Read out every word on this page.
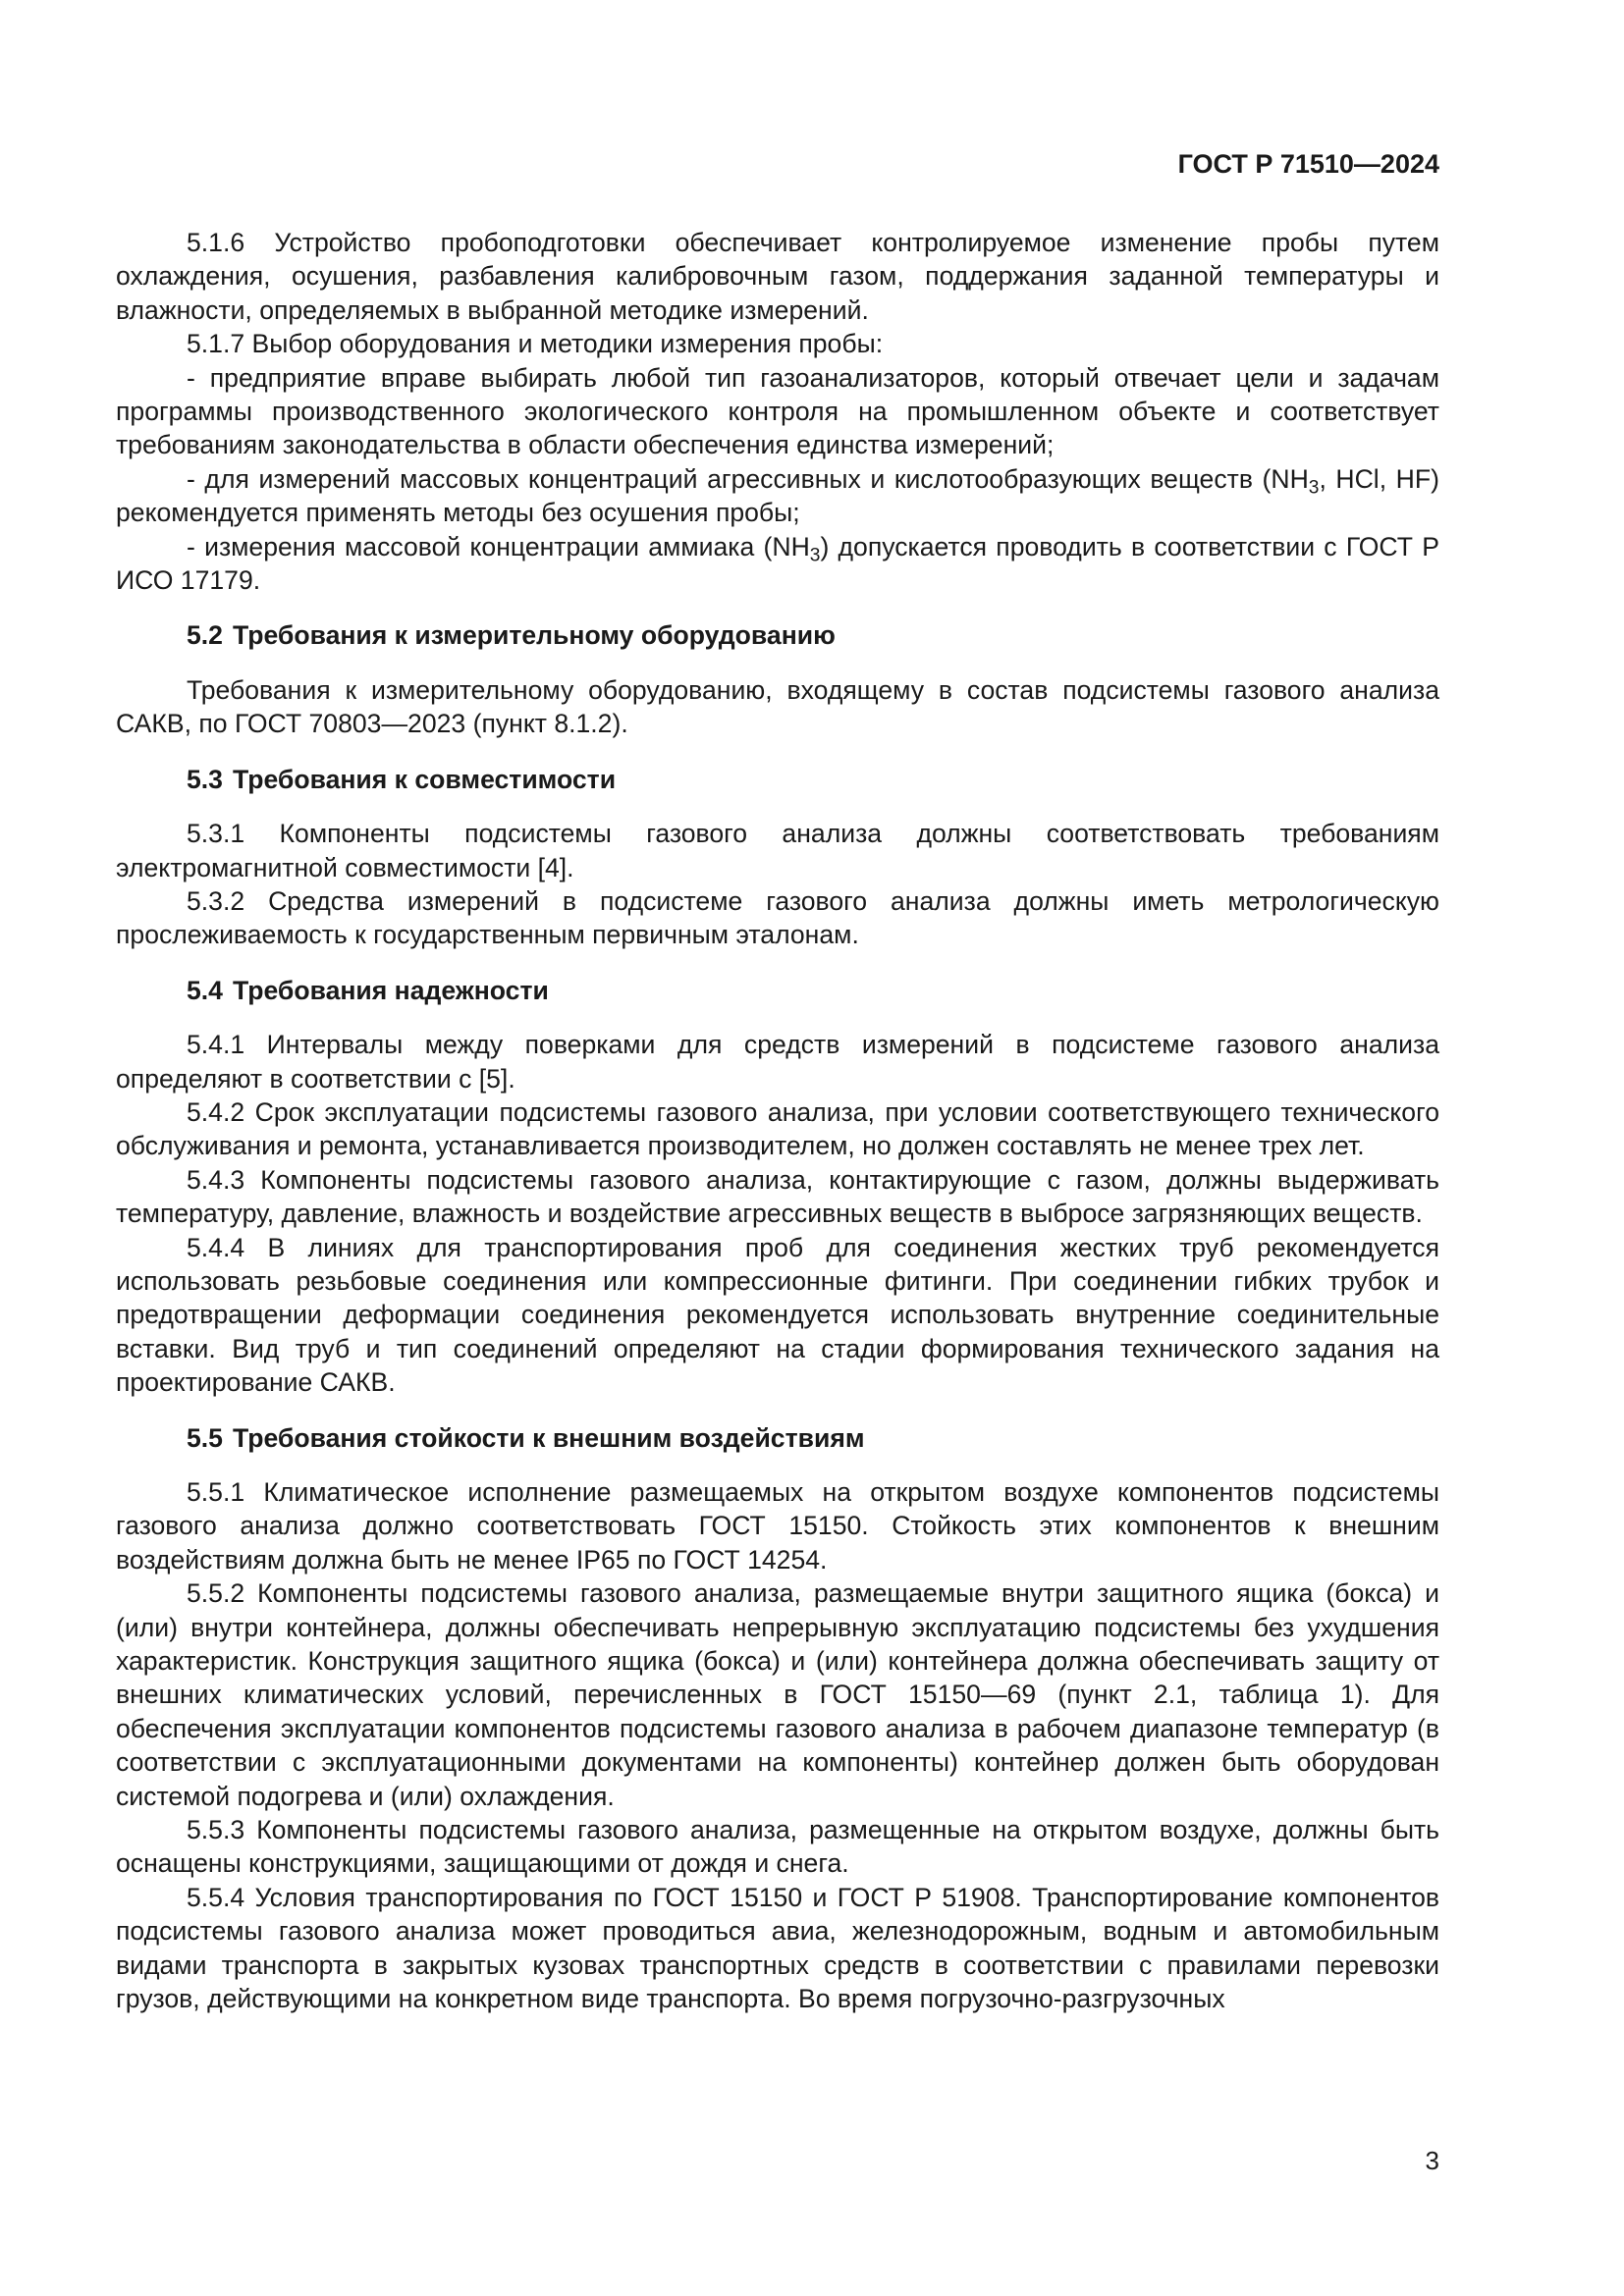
ГОСТ Р 71510—2024

5.1.6 Устройство пробоподготовки обеспечивает контролируемое изменение пробы путем охлаждения, осушения, разбавления калибровочным газом, поддержания заданной температуры и влажности, определяемых в выбранной методике измерений.

5.1.7 Выбор оборудования и методики измерения пробы:

- предприятие вправе выбирать любой тип газоанализаторов, который отвечает цели и задачам программы производственного экологического контроля на промышленном объекте и соответствует требованиям законодательства в области обеспечения единства измерений;

- для измерений массовых концентраций агрессивных и кислотообразующих веществ ($NH_3$, HCl, HF) рекомендуется применять методы без осушения пробы;

- измерения массовой концентрации аммиака $(NH_3)$ допускается проводить в соответствии с ГОСТ Р ИСО 17179.

5.2 Требования к измерительному оборудованию

Требования к измерительному оборудованию, входящему в состав подсистемы газового анализа САКВ, по ГОСТ 70803—2023 (пункт 8.1.2).

5.3 Требования к совместимости

5.3.1 Компоненты подсистемы газового анализа должны соответствовать требованиям электромагнитной совместимости [4].

5.3.2 Средства измерений в подсистеме газового анализа должны иметь метрологическую прослеживаемость к государственным первичным эталонам.

5.4 Требования надежности

5.4.1 Интервалы между поверками для средств измерений в подсистеме газового анализа определяют в соответствии с [5].

5.4.2 Срок эксплуатации подсистемы газового анализа, при условии соответствующего технического обслуживания и ремонта, устанавливается производителем, но должен составлять не менее трех лет.

5.4.3 Компоненты подсистемы газового анализа, контактирующие с газом, должны выдерживать температуру, давление, влажность и воздействие агрессивных веществ в выбросе загрязняющих веществ.

5.4.4 В линиях для транспортирования проб для соединения жестких труб рекомендуется использовать резьбовые соединения или компрессионные фитинги. При соединении гибких трубок и предотвращении деформации соединения рекомендуется использовать внутренние соединительные вставки. Вид труб и тип соединений определяют на стадии формирования технического задания на проектирование САКВ.

5.5 Требования стойкости к внешним воздействиям

5.5.1 Климатическое исполнение размещаемых на открытом воздухе компонентов подсистемы газового анализа должно соответствовать ГОСТ 15150. Стойкость этих компонентов к внешним воздействиям должна быть не менее IP65 по ГОСТ 14254.

5.5.2 Компоненты подсистемы газового анализа, размещаемые внутри защитного ящика (бокса) и (или) внутри контейнера, должны обеспечивать непрерывную эксплуатацию подсистемы без ухудшения характеристик. Конструкция защитного ящика (бокса) и (или) контейнера должна обеспечивать защиту от внешних климатических условий, перечисленных в ГОСТ 15150—69 (пункт 2.1, таблица 1). Для обеспечения эксплуатации компонентов подсистемы газового анализа в рабочем диапазоне температур (в соответствии с эксплуатационными документами на компоненты) контейнер должен быть оборудован системой подогрева и (или) охлаждения.

5.5.3 Компоненты подсистемы газового анализа, размещенные на открытом воздухе, должны быть оснащены конструкциями, защищающими от дождя и снега.

5.5.4 Условия транспортирования по ГОСТ 15150 и ГОСТ Р 51908. Транспортирование компонентов подсистемы газового анализа может проводиться авиа, железнодорожным, водным и автомобильным видами транспорта в закрытых кузовах транспортных средств в соответствии с правилами перевозки грузов, действующими на конкретном виде транспорта. Во время погрузочно-разгрузочных

3
